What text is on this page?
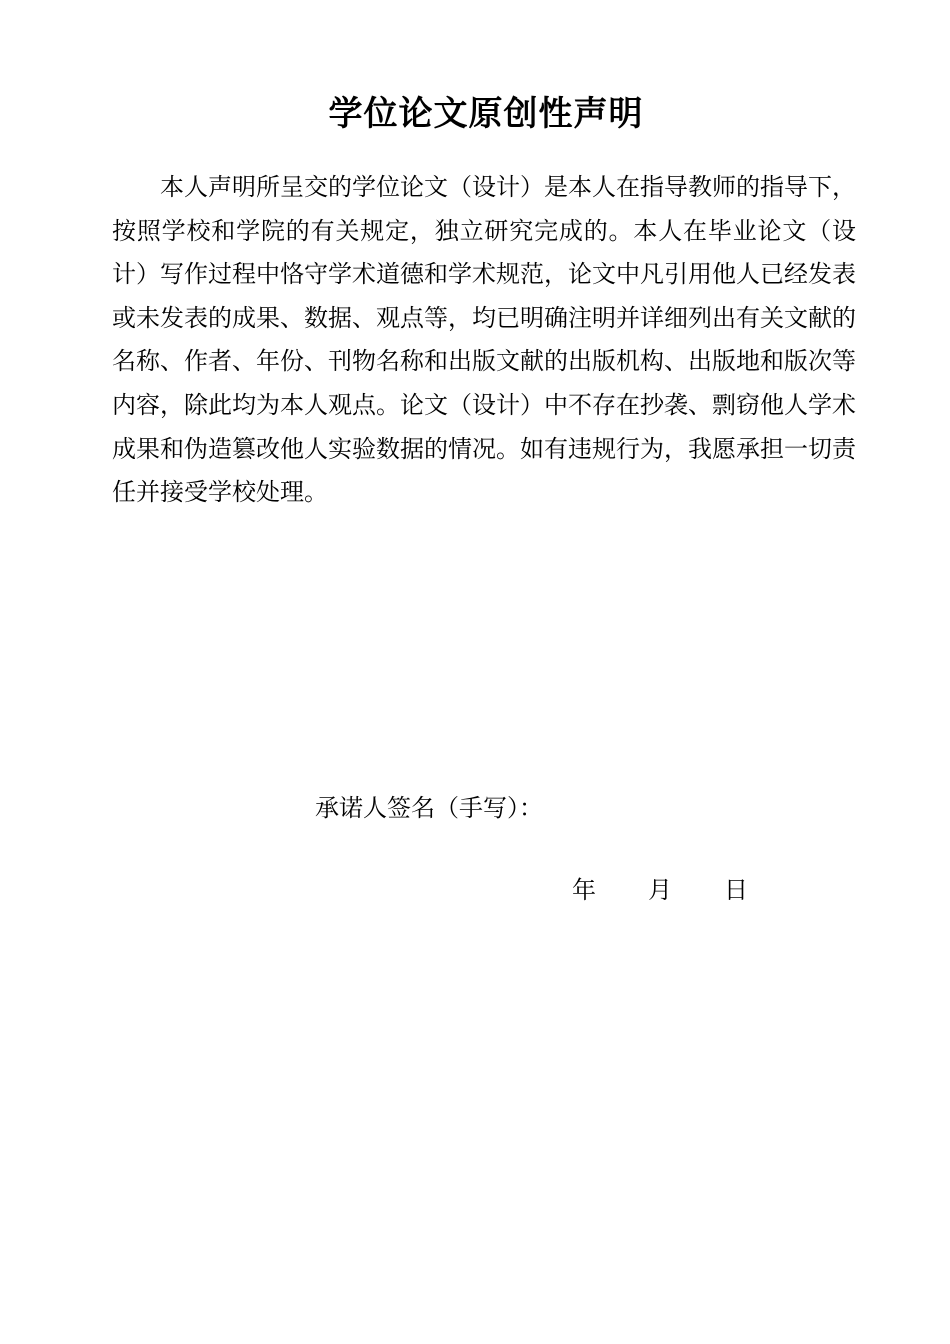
学位论文原创性声明

本人声明所呈交的学位论文（设计）是本人在指导教师的指导下，按照学校和学院的有关规定，独立研究完成的。本人在毕业论文（设计）写作过程中恪守学术道德和学术规范，论文中凡引用他人已经发表或未发表的成果、数据、观点等，均已明确注明并详细列出有关文献的名称、作者、年份、刊物名称和出版文献的出版机构、出版地和版次等内容，除此均为本人观点。论文（设计）中不存在抄袭、剽窃他人学术成果和伪造篡改他人实验数据的情况。如有违规行为，我愿承担一切责任并接受学校处理。

承诺人签名（手写）：
年 月 日
